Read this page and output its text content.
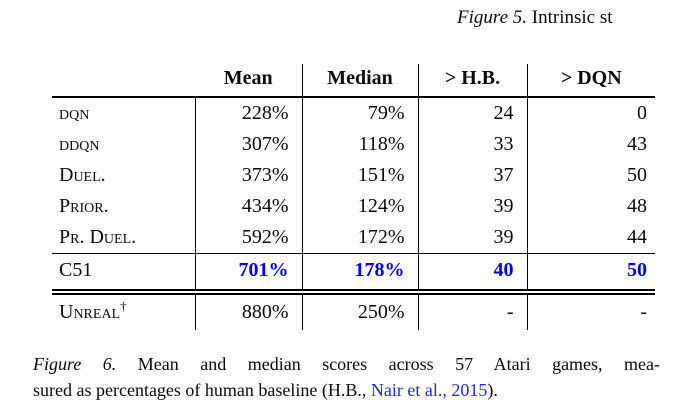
Figure 5. Intrinsic st
	Mean	Median	> H.B.	> DQN
dqn	228%	79%	24	0
ddqn	307%	118%	33	43
Duel.	373%	151%	37	50
Prior.	434%	124%	39	48
Pr. Duel.	592%	172%	39	44
C51	701%	178%	40	50
Unreal†	880%	250%	-	-
Figure 6. Mean and median scores across 57 Atari games, mea-
sured as percentages of human baseline (H.B., Nair et al., 2015).
